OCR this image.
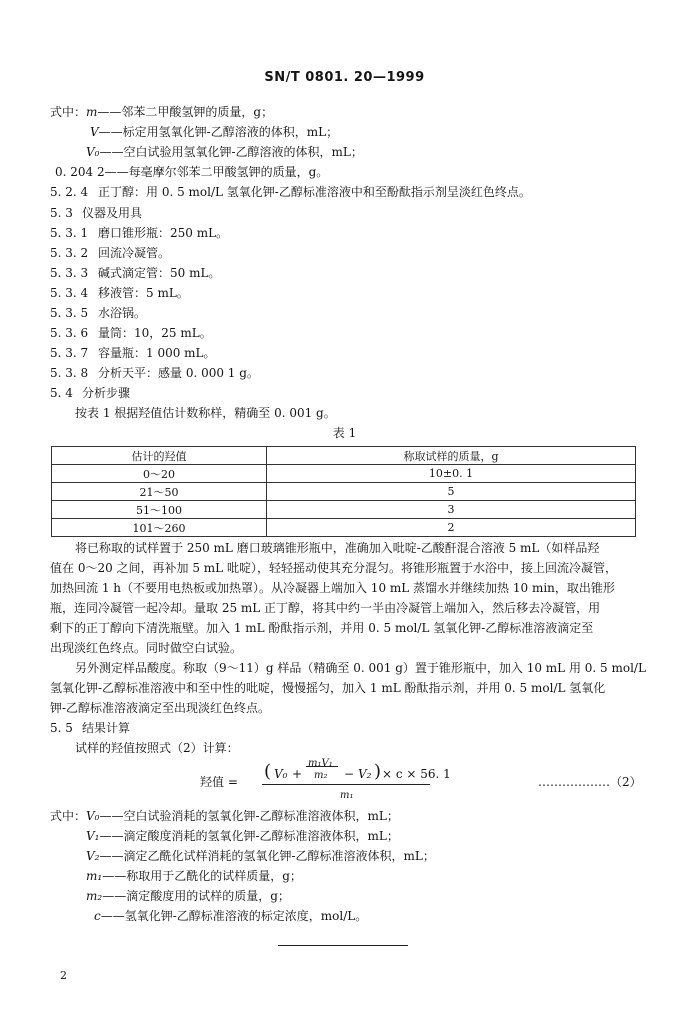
SN/T 0801. 20—1999
式中：m——邻苯二甲酸氢钾的质量，g；
V——标定用氢氧化钾-乙醇溶液的体积，mL；
V₀——空白试验用氢氧化钾-乙醇溶液的体积，mL；
0. 204 2——每毫摩尔邻苯二甲酸氢钾的质量，g。
5. 2. 4 正丁醇：用 0. 5 mol/L 氢氧化钾-乙醇标准溶液中和至酚酞指示剂呈淡红色终点。
5. 3 仪器及用具
5. 3. 1 磨口锥形瓶：250 mL。
5. 3. 2 回流冷凝管。
5. 3. 3 碱式滴定管：50 mL。
5. 3. 4 移液管：5 mL。
5. 3. 5 水浴锅。
5. 3. 6 量筒：10，25 mL。
5. 3. 7 容量瓶：1 000 mL。
5. 3. 8 分析天平：感量 0. 000 1 g。
5. 4 分析步骤
按表 1 根据羟值估计数称样，精确至 0. 001 g。
表 1
估计的羟值	称取试样的质量，g
0～20	10±0. 1
21～50	5
51～100	3
101～260	2
将已称取的试样置于 250 mL 磨口玻璃锥形瓶中，准确加入吡啶-乙酸酐混合溶液 5 mL（如样品羟
值在 0～20 之间，再补加 5 mL 吡啶），轻轻摇动使其充分混匀。将锥形瓶置于水浴中，接上回流冷凝管，
加热回流 1 h（不要用电热板或加热罩）。从冷凝器上端加入 10 mL 蒸馏水并继续加热 10 min，取出锥形
瓶，连同冷凝管一起冷却。量取 25 mL 正丁醇，将其中约一半由冷凝管上端加入，然后移去冷凝管，用
剩下的正丁醇向下清洗瓶壁。加入 1 mL 酚酞指示剂，并用 0. 5 mol/L 氢氧化钾-乙醇标准溶液滴定至
出现淡红色终点。同时做空白试验。
另外测定样品酸度。称取（9～11）g 样品（精确至 0. 001 g）置于锥形瓶中，加入 10 mL 用 0. 5 mol/L
氢氧化钾-乙醇标准溶液中和至中性的吡啶，慢慢摇匀，加入 1 mL 酚酞指示剂，并用 0. 5 mol/L 氢氧化
钾-乙醇标准溶液滴定至出现淡红色终点。
5. 5 结果计算
试样的羟值按照式（2）计算：
羟值 = ( V₀ +
m₁V₁
m₂ − V₂ ) × c × 56. 1
m₁
………………（2）
式中：V₀——空白试验消耗的氢氧化钾-乙醇标准溶液体积，mL；
V₁——滴定酸度消耗的氢氧化钾-乙醇标准溶液体积，mL；
V₂——滴定乙酰化试样消耗的氢氧化钾-乙醇标准溶液体积，mL；
m₁——称取用于乙酰化的试样质量，g；
m₂——滴定酸度用的试样的质量，g；
c——氢氧化钾-乙醇标准溶液的标定浓度，mol/L。
2
